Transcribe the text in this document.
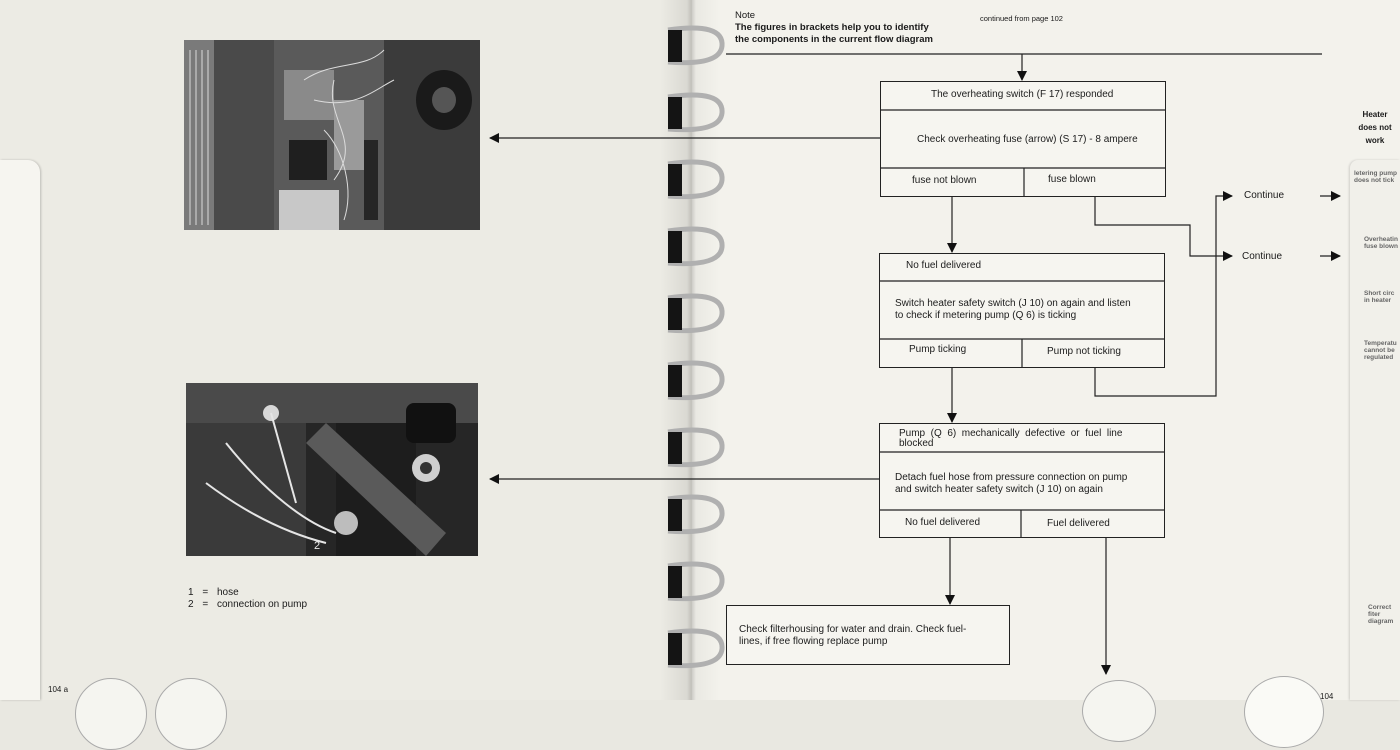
2
1 = hose
2 = connection on pump
104 a
letering pump
does not tick
Overheatin
fuse blown
Short circ
in heater
Temperatu
cannot be
regulated
Correct
fiter
diagram
Note
The figures in brackets help you to identify
the components in the current flow diagram
continued from page 102
Heater
does not
work
The overheating switch (F 17) responded
Check overheating fuse (arrow) (S 17) - 8 ampere
fuse not blown	fuse blown
No fuel delivered
Switch heater safety switch (J 10) on again and listen
to check if metering pump (Q 6) is ticking
Pump ticking	Pump not ticking
Pump  (Q  6)  mechanically  defective  or  fuel  line
blocked
Detach fuel hose from pressure connection on pump
and switch heater safety switch (J 10) on again
No fuel delivered	Fuel delivered
Check filterhousing for water and drain. Check fuel-
lines, if free flowing replace pump
Continue
Continue
104
